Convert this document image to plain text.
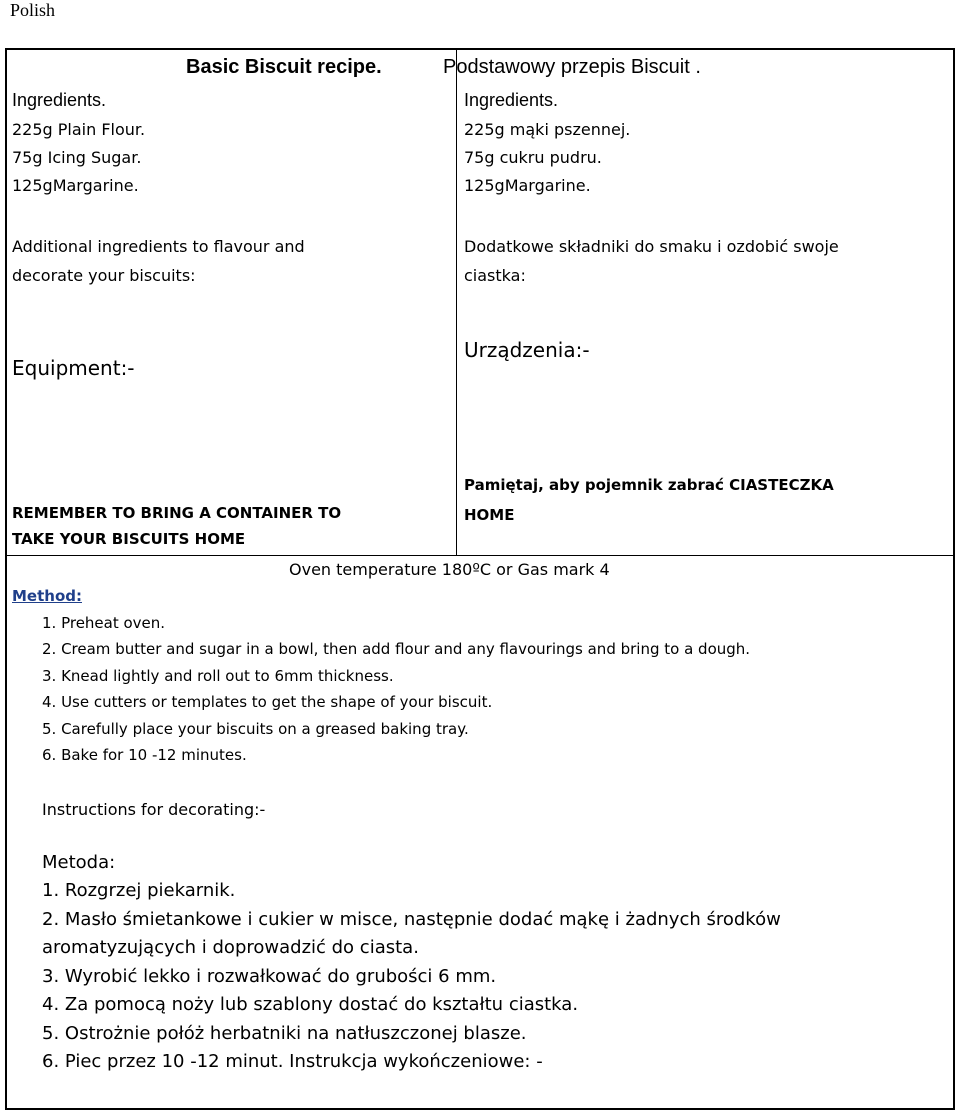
Polish
Basic Biscuit recipe.	Podstawowy przepis Biscuit .
Ingredients.
225g Plain Flour.
75g Icing Sugar.
125gMargarine.
Additional ingredients to flavour and
decorate your biscuits:
Equipment:-
REMEMBER TO BRING A CONTAINER TO
TAKE YOUR BISCUITS HOME
Ingredients.
225g mąki pszennej.
75g cukru pudru.
125gMargarine.
Dodatkowe składniki do smaku i ozdobić swoje
ciastka:
Urządzenia:-
Pamiętaj, aby pojemnik zabrać CIASTECZKA
HOME
Oven temperature 180ºC or Gas mark 4
Method:
1. Preheat oven.
2. Cream butter and sugar in a bowl, then add flour and any flavourings and bring to a dough.
3. Knead lightly and roll out to 6mm thickness.
4. Use cutters or templates to get the shape of your biscuit.
5. Carefully place your biscuits on a greased baking tray.
6. Bake for 10 -12 minutes.
Instructions for decorating:-
Metoda:
1. Rozgrzej piekarnik.
2. Masło śmietankowe i cukier w misce, następnie dodać mąkę i żadnych środków
aromatyzujących i doprowadzić do ciasta.
3. Wyrobić lekko i rozwałkować do grubości 6 mm.
4. Za pomocą noży lub szablony dostać do kształtu ciastka.
5. Ostrożnie połóż herbatniki na natłuszczonej blasze.
6. Piec przez 10 -12 minut. Instrukcja wykończeniowe: -
